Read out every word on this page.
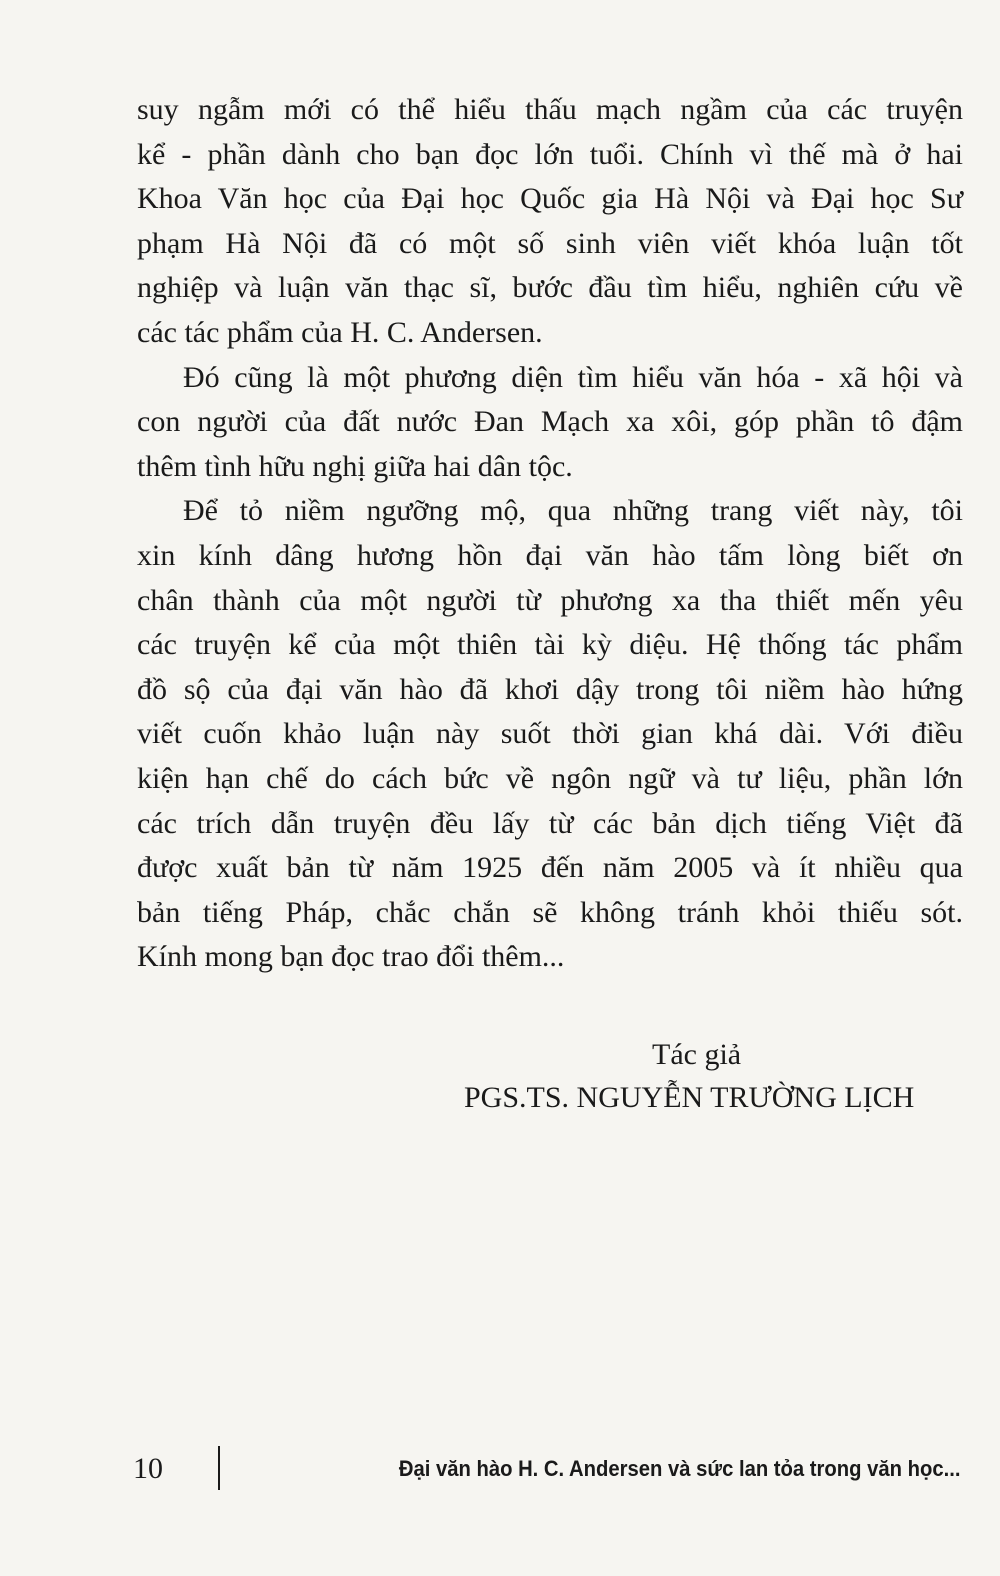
suy ngẫm mới có thể hiểu thấu mạch ngầm của các truyện
kể - phần dành cho bạn đọc lớn tuổi. Chính vì thế mà ở hai
Khoa Văn học của Đại học Quốc gia Hà Nội và Đại học Sư
phạm Hà Nội đã có một số sinh viên viết khóa luận tốt
nghiệp và luận văn thạc sĩ, bước đầu tìm hiểu, nghiên cứu về
các tác phẩm của H. C. Andersen.

Đó cũng là một phương diện tìm hiểu văn hóa - xã hội và
con người của đất nước Đan Mạch xa xôi, góp phần tô đậm
thêm tình hữu nghị giữa hai dân tộc.

Để tỏ niềm ngưỡng mộ, qua những trang viết này, tôi
xin kính dâng hương hồn đại văn hào tấm lòng biết ơn
chân thành của một người từ phương xa tha thiết mến yêu
các truyện kể của một thiên tài kỳ diệu. Hệ thống tác phẩm
đồ sộ của đại văn hào đã khơi dậy trong tôi niềm hào hứng
viết cuốn khảo luận này suốt thời gian khá dài. Với điều
kiện hạn chế do cách bức về ngôn ngữ và tư liệu, phần lớn
các trích dẫn truyện đều lấy từ các bản dịch tiếng Việt đã
được xuất bản từ năm 1925 đến năm 2005 và ít nhiều qua
bản tiếng Pháp, chắc chắn sẽ không tránh khỏi thiếu sót.
Kính mong bạn đọc trao đổi thêm...

Tác giả
PGS.TS. NGUYỄN TRƯỜNG LỊCH
10	Đại văn hào H. C. Andersen và sức lan tỏa trong văn học...
